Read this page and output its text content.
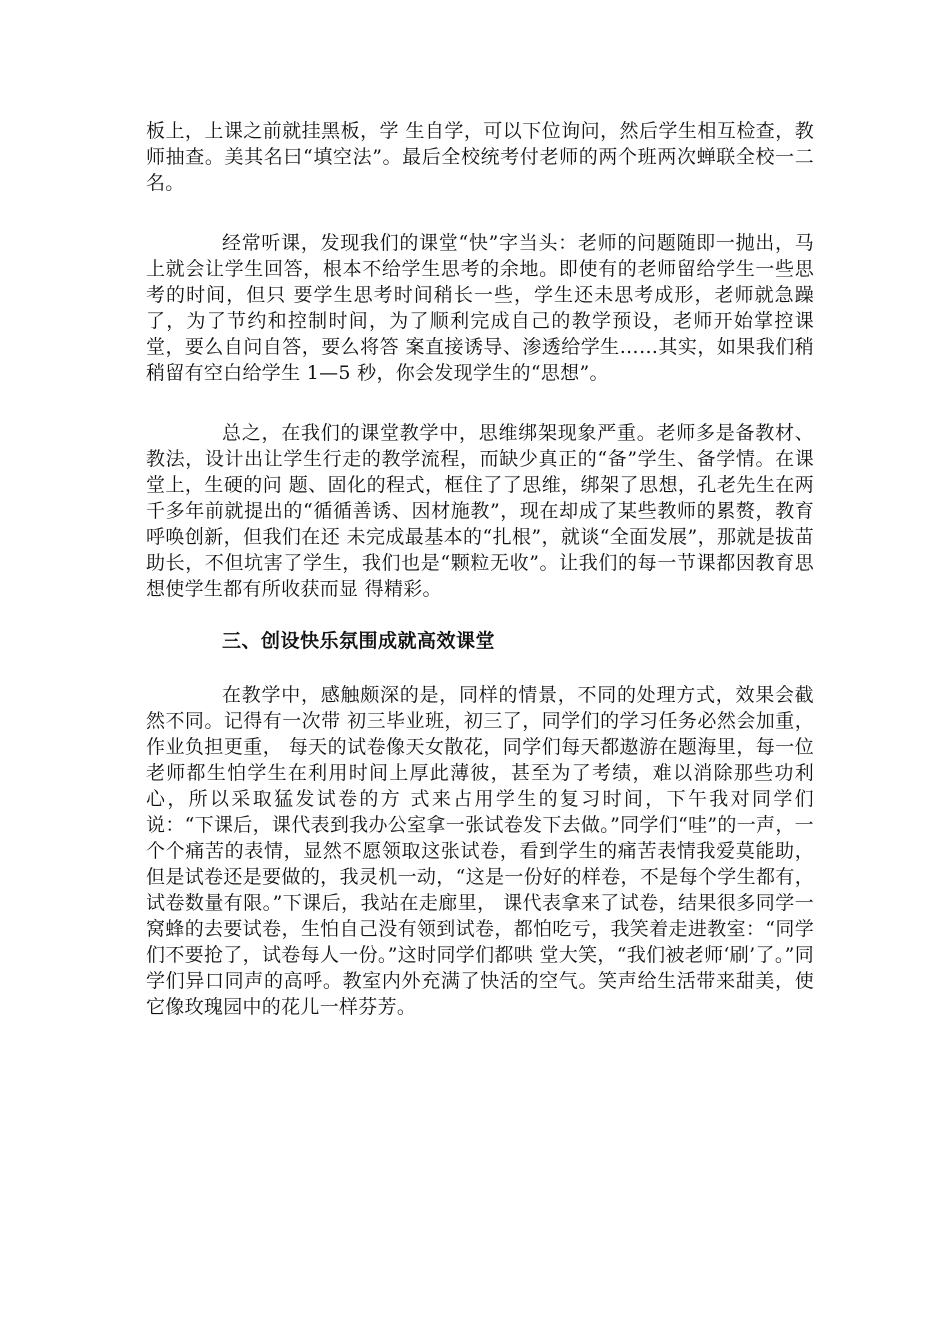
板上，上课之前就挂黑板，学 生自学，可以下位询问，然后学生相互检查，教师抽查。美其名曰“填空法”。最后全校统考付老师的两个班两次蝉联全校一二名。

经常听课，发现我们的课堂“快”字当头：老师的问题随即一抛出，马上就会让学生回答，根本不给学生思考的余地。即使有的老师留给学生一些思考的时间，但只 要学生思考时间稍长一些，学生还未思考成形，老师就急躁了，为了节约和控制时间，为了顺利完成自己的教学预设，老师开始掌控课堂，要么自问自答，要么将答 案直接诱导、渗透给学生……其实，如果我们稍稍留有空白给学生 1—5 秒，你会发现学生的“思想”。

总之，在我们的课堂教学中，思维绑架现象严重。老师多是备教材、教法，设计出让学生行走的教学流程，而缺少真正的“备”学生、备学情。在课堂上，生硬的问 题、固化的程式，框住了了思维，绑架了思想，孔老先生在两千多年前就提出的“循循善诱、因材施教”，现在却成了某些教师的累赘，教育呼唤创新，但我们在还 未完成最基本的“扎根”，就谈“全面发展”，那就是拔苗助长，不但坑害了学生，我们也是“颗粒无收”。让我们的每一节课都因教育思想使学生都有所收获而显 得精彩。

三、创设快乐氛围成就高效课堂

在教学中，感触颇深的是，同样的情景，不同的处理方式，效果会截然不同。记得有一次带 初三毕业班，初三了，同学们的学习任务必然会加重，作业负担更重， 每天的试卷像天女散花，同学们每天都遨游在题海里，每一位老师都生怕学生在利用时间上厚此薄彼，甚至为了考绩，难以消除那些功利心，所以采取猛发试卷的方 式来占用学生的复习时间，下午我对同学们说：“下课后，课代表到我办公室拿一张试卷发下去做。”同学们“哇”的一声，一个个痛苦的表情，显然不愿领取这张试卷，看到学生的痛苦表情我爱莫能助，但是试卷还是要做的，我灵机一动，“这是一份好的样卷，不是每个学生都有，试卷数量有限。”下课后，我站在走廊里， 课代表拿来了试卷，结果很多同学一窝蜂的去要试卷，生怕自己没有领到试卷，都怕吃亏，我笑着走进教室：“同学们不要抢了，试卷每人一份。”这时同学们都哄 堂大笑，“我们被老师‘刷’了。”同学们异口同声的高呼。教室内外充满了快活的空气。笑声给生活带来甜美，使它像玫瑰园中的花儿一样芬芳。
